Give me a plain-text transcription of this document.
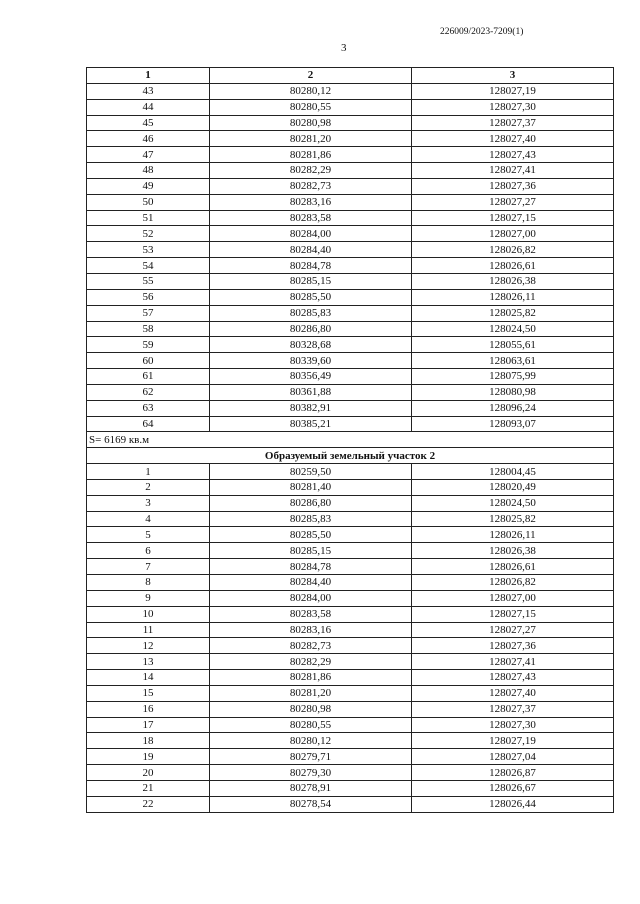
226009/2023-7209(1)
3
1	2	3
43	80280,12	128027,19
44	80280,55	128027,30
45	80280,98	128027,37
46	80281,20	128027,40
47	80281,86	128027,43
48	80282,29	128027,41
49	80282,73	128027,36
50	80283,16	128027,27
51	80283,58	128027,15
52	80284,00	128027,00
53	80284,40	128026,82
54	80284,78	128026,61
55	80285,15	128026,38
56	80285,50	128026,11
57	80285,83	128025,82
58	80286,80	128024,50
59	80328,68	128055,61
60	80339,60	128063,61
61	80356,49	128075,99
62	80361,88	128080,98
63	80382,91	128096,24
64	80385,21	128093,07
S= 6169 кв.м		
Образуемый земельный участок 2		
1	80259,50	128004,45
2	80281,40	128020,49
3	80286,80	128024,50
4	80285,83	128025,82
5	80285,50	128026,11
6	80285,15	128026,38
7	80284,78	128026,61
8	80284,40	128026,82
9	80284,00	128027,00
10	80283,58	128027,15
11	80283,16	128027,27
12	80282,73	128027,36
13	80282,29	128027,41
14	80281,86	128027,43
15	80281,20	128027,40
16	80280,98	128027,37
17	80280,55	128027,30
18	80280,12	128027,19
19	80279,71	128027,04
20	80279,30	128026,87
21	80278,91	128026,67
22	80278,54	128026,44
